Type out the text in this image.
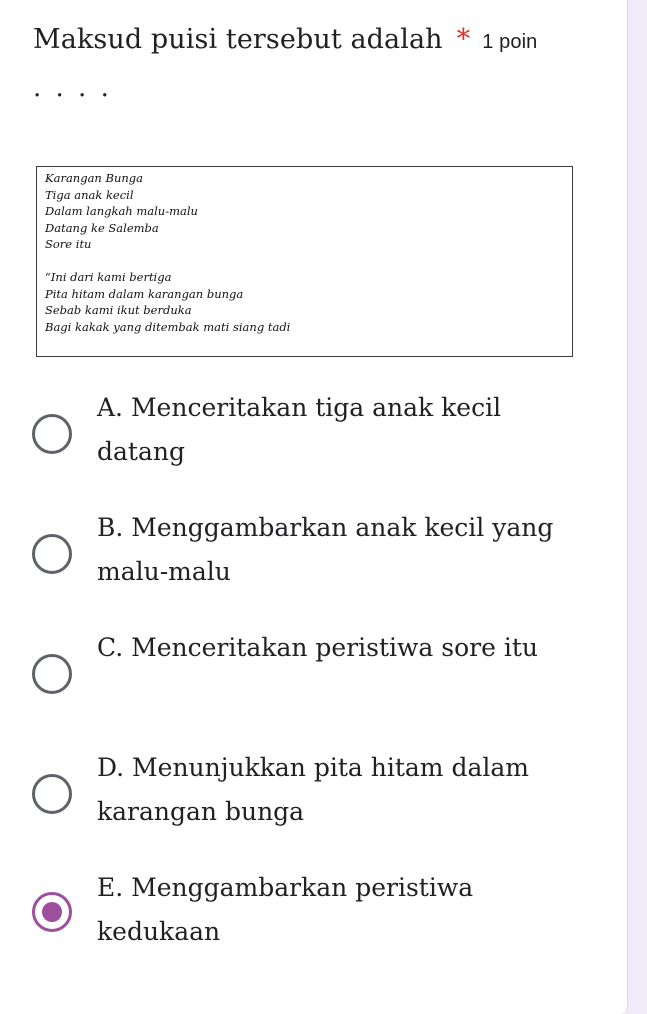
Maksud puisi tersebut adalah * 1 poin
. . . .
Karangan Bunga
Tiga anak kecil
Dalam langkah malu-malu
Datang ke Salemba
Sore itu
“Ini dari kami bertiga
Pita hitam dalam karangan bunga
Sebab kami ikut berduka
Bagi kakak yang ditembak mati siang tadi
A. Menceritakan tiga anak kecil datang
B. Menggambarkan anak kecil yang malu-malu
C. Menceritakan peristiwa sore itu
D. Menunjukkan pita hitam dalam karangan bunga
E. Menggambarkan peristiwa kedukaan
